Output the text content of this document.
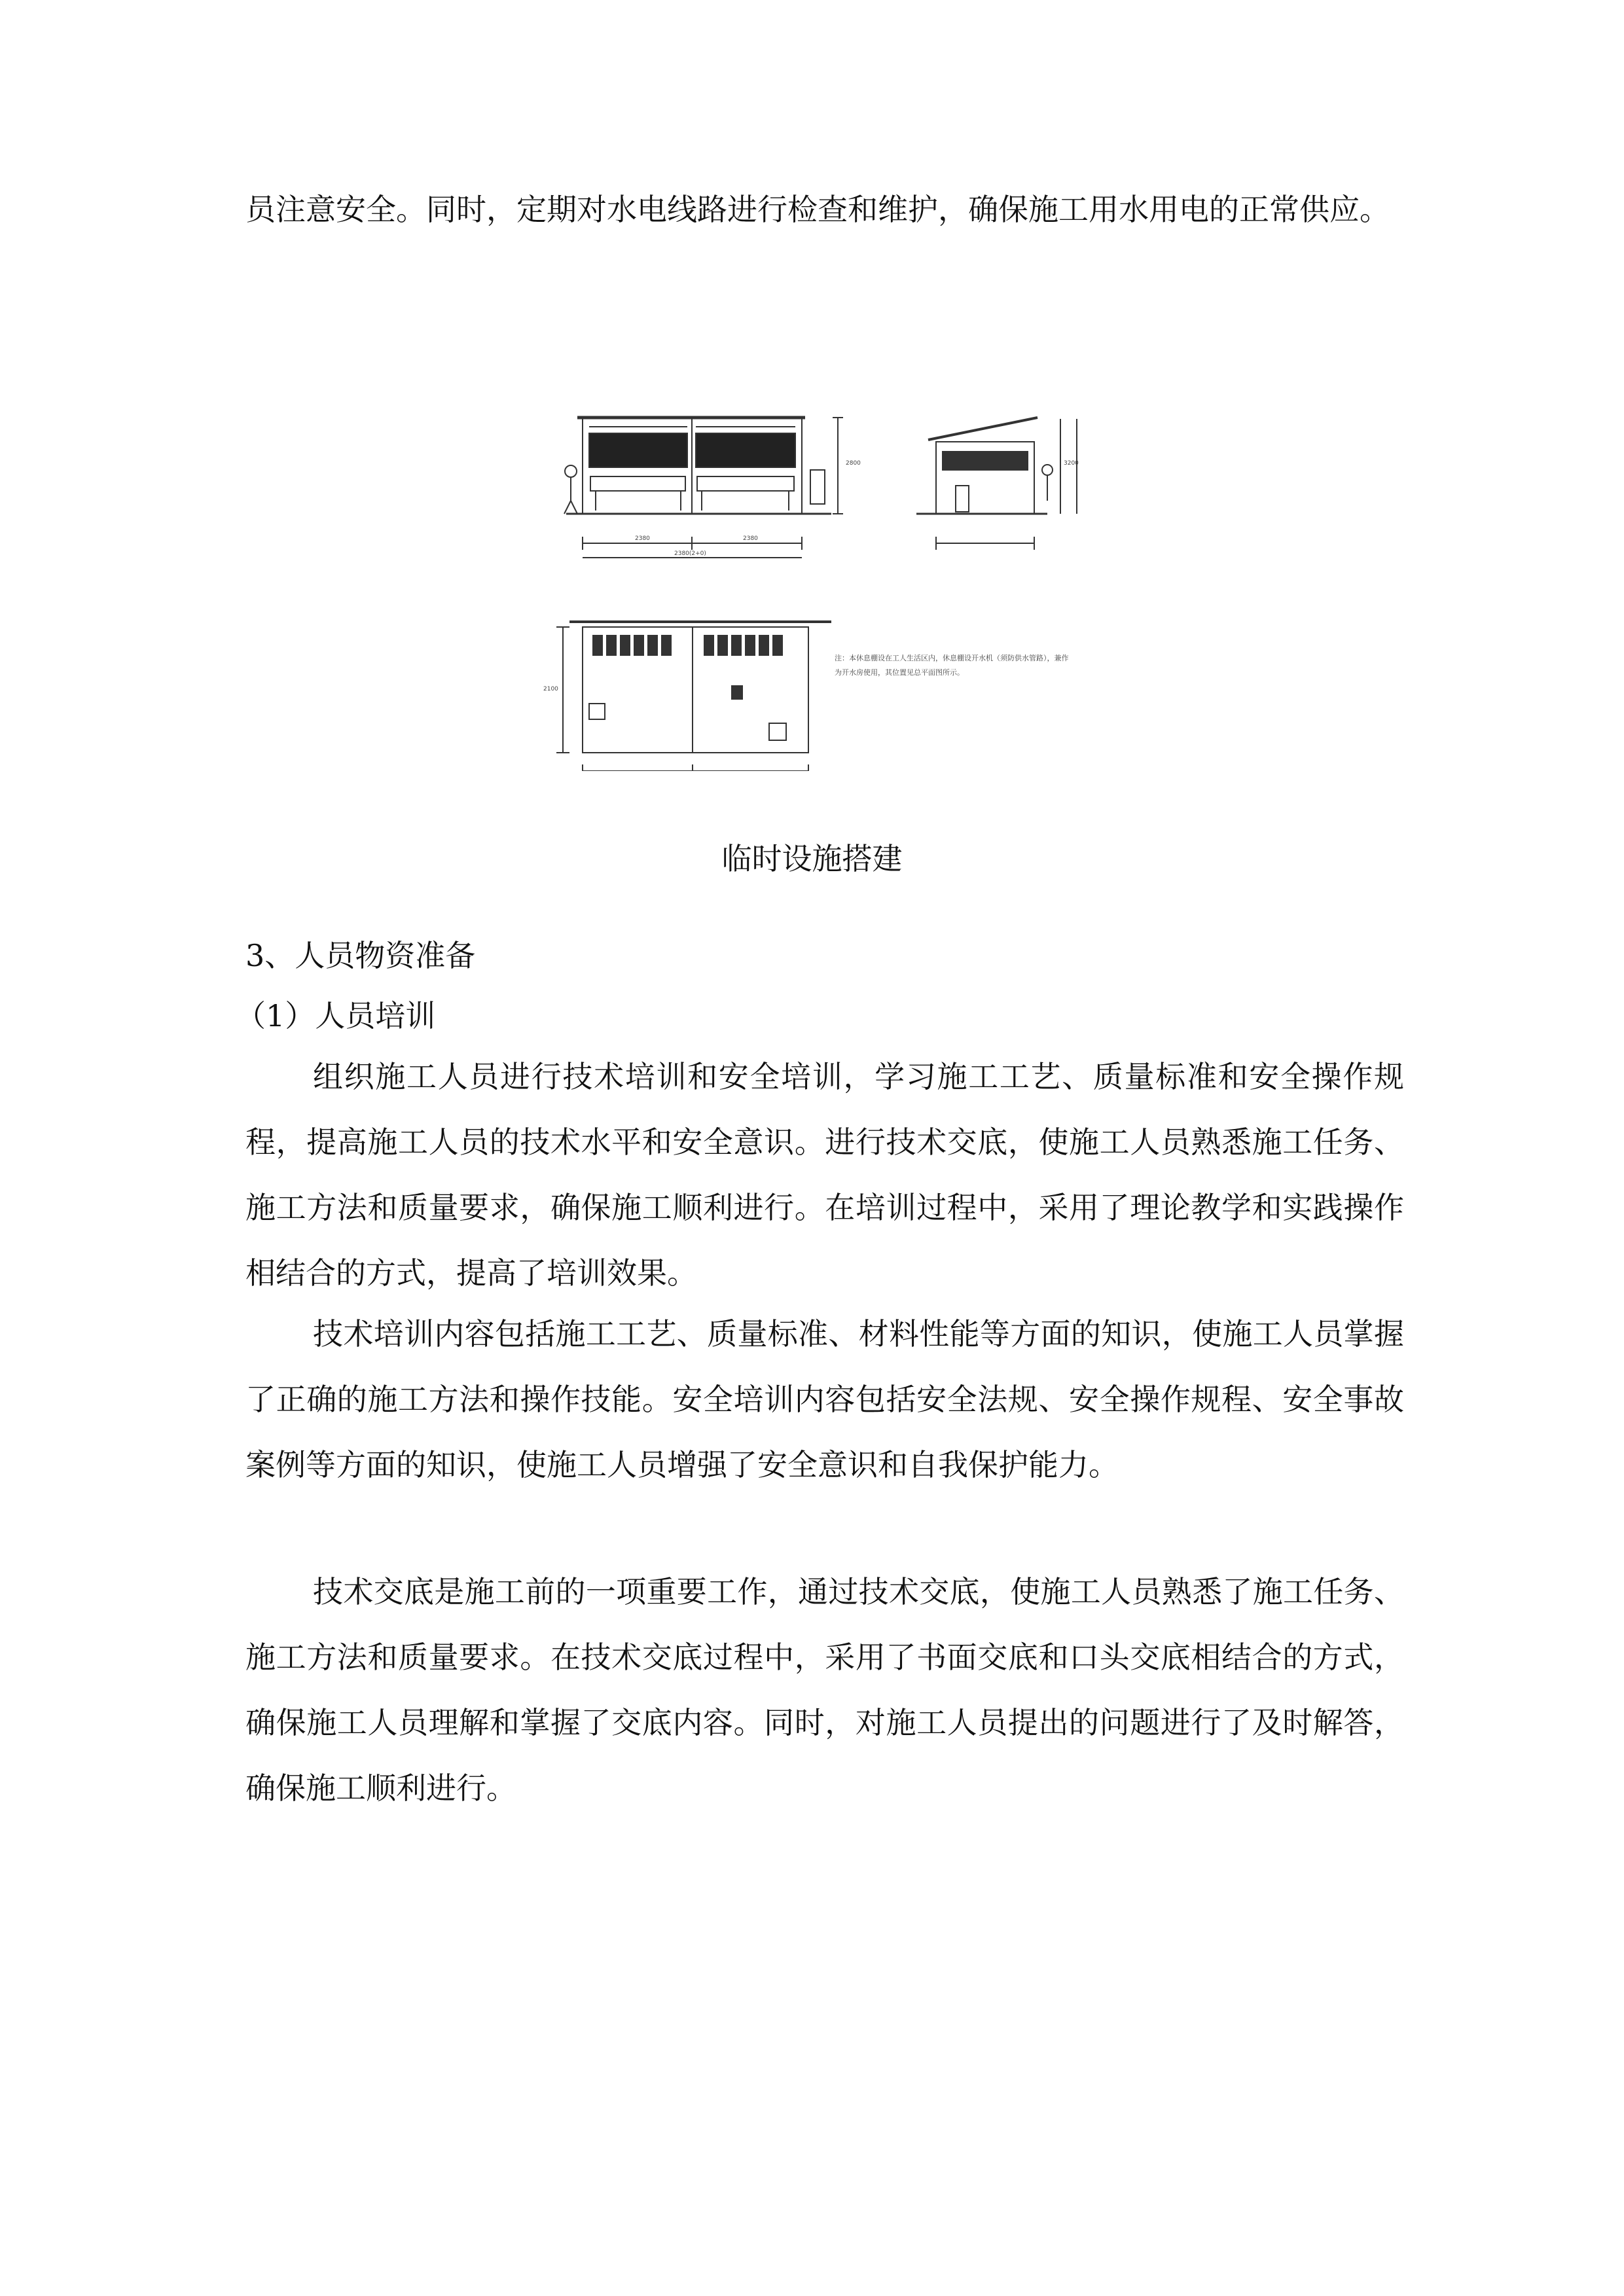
员注意安全。同时，定期对水电线路进行检查和维护，确保施工用水用电的正常供应。

2380	2380
2380(2+0)
2800	3200
2100
注：本休息棚设在工人生活区内，休息棚设开水机（须防供水管路），兼作为开水房使用，其位置见总平面图所示。

临时设施搭建

3、人员物资准备

（1）人员培训

组织施工人员进行技术培训和安全培训，学习施工工艺、质量标准和安全操作规程，提高施工人员的技术水平和安全意识。进行技术交底，使施工人员熟悉施工任务、施工方法和质量要求，确保施工顺利进行。在培训过程中，采用了理论教学和实践操作相结合的方式，提高了培训效果。

技术培训内容包括施工工艺、质量标准、材料性能等方面的知识，使施工人员掌握了正确的施工方法和操作技能。安全培训内容包括安全法规、安全操作规程、安全事故案例等方面的知识，使施工人员增强了安全意识和自我保护能力。

技术交底是施工前的一项重要工作，通过技术交底，使施工人员熟悉了施工任务、施工方法和质量要求。在技术交底过程中，采用了书面交底和口头交底相结合的方式，确保施工人员理解和掌握了交底内容。同时，对施工人员提出的问题进行了及时解答，确保施工顺利进行。
